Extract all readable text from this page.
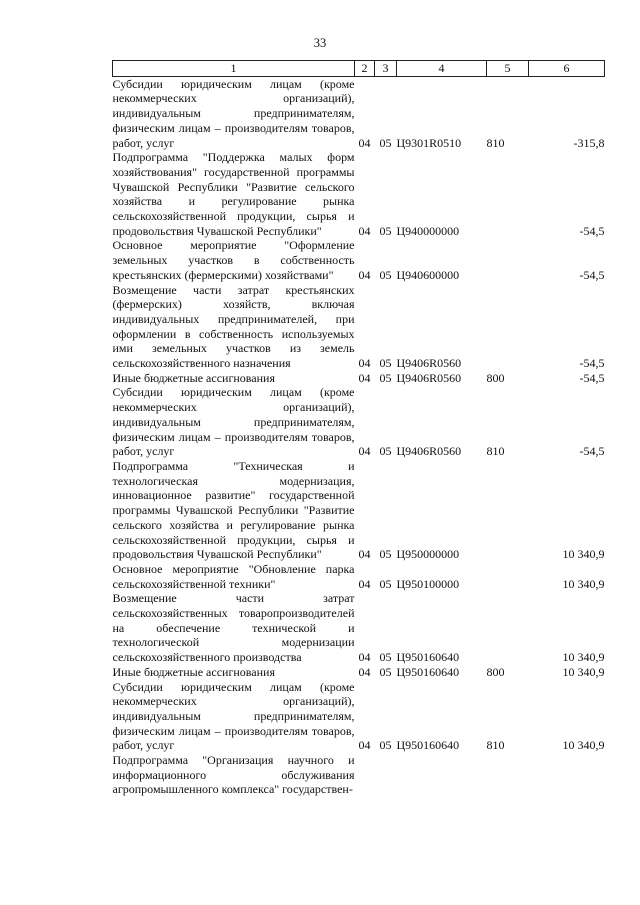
33
1	2	3	4	5	6
Субсидии юридическим лицам (кроме некоммерческих организаций), индивидуальным предпринимателям, физическим лицам – производителям товаров, работ, услуг	04	05	Ц9301R0510	810	-315,8
Подпрограмма "Поддержка малых форм хозяйствования" государственной программы Чувашской Республики "Развитие сельского хозяйства и регулирование рынка сельскохозяйственной продукции, сырья и продовольствия Чувашской Республики"	04	05	Ц940000000		-54,5
Основное мероприятие "Оформление земельных участков в собственность крестьянских (фермерскими) хозяйствами"	04	05	Ц940600000		-54,5
Возмещение части затрат крестьянских (фермерских) хозяйств, включая индивидуальных предпринимателей, при оформлении в собственность используемых ими земельных участков из земель сельскохозяйственного назначения	04	05	Ц9406R0560		-54,5
Иные бюджетные ассигнования	04	05	Ц9406R0560	800	-54,5
Субсидии юридическим лицам (кроме некоммерческих организаций), индивидуальным предпринимателям, физическим лицам – производителям товаров, работ, услуг	04	05	Ц9406R0560	810	-54,5
Подпрограмма "Техническая и технологическая модернизация, инновационное развитие" государственной программы Чувашской Республики "Развитие сельского хозяйства и регулирование рынка сельскохозяйственной продукции, сырья и продовольствия Чувашской Республики"	04	05	Ц950000000		10 340,9
Основное мероприятие "Обновление парка сельскохозяйственной техники"	04	05	Ц950100000		10 340,9
Возмещение части затрат сельскохозяйственных товаропроизводителей на обеспечение технической и технологической модернизации сельскохозяйственного производства	04	05	Ц950160640		10 340,9
Иные бюджетные ассигнования	04	05	Ц950160640	800	10 340,9
Субсидии юридическим лицам (кроме некоммерческих организаций), индивидуальным предпринимателям, физическим лицам – производителям товаров, работ, услуг	04	05	Ц950160640	810	10 340,9
Подпрограмма "Организация научного и информационного обслуживания агропромышленного комплекса" государствен-					
